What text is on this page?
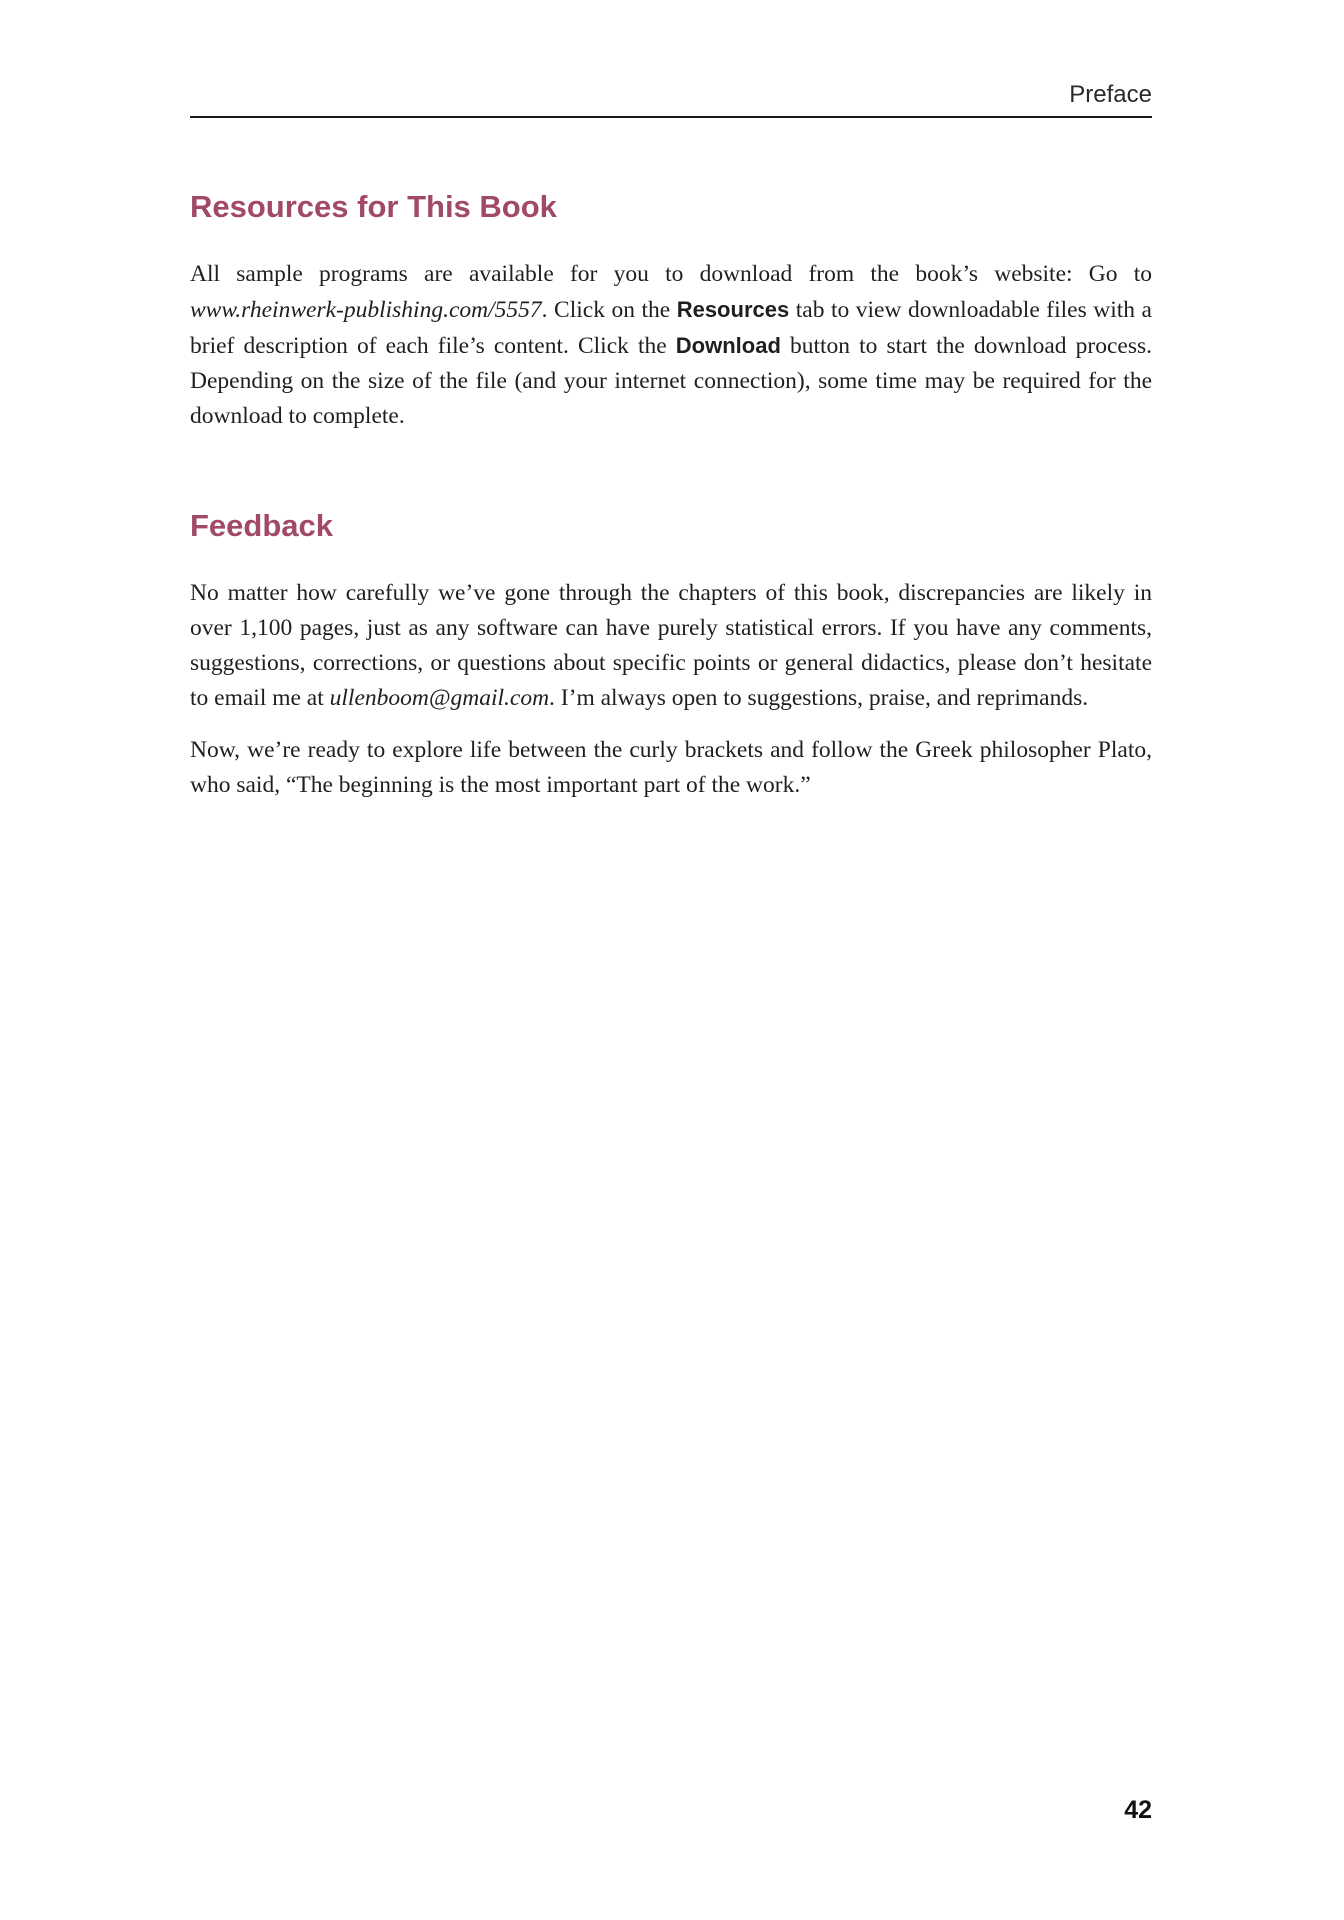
Preface
Resources for This Book

All sample programs are available for you to download from the book’s website: Go to www.rheinwerk-publishing.com/5557. Click on the Resources tab to view downloadable files with a brief description of each file’s content. Click the Download button to start the download process. Depending on the size of the file (and your internet connection), some time may be required for the download to complete.

Feedback

No matter how carefully we’ve gone through the chapters of this book, discrepancies are likely in over 1,100 pages, just as any software can have purely statistical errors. If you have any comments, suggestions, corrections, or questions about specific points or general didactics, please don’t hesitate to email me at ullenboom@gmail.com. I’m always open to suggestions, praise, and reprimands.

Now, we’re ready to explore life between the curly brackets and follow the Greek philosopher Plato, who said, “The beginning is the most important part of the work.”

42
